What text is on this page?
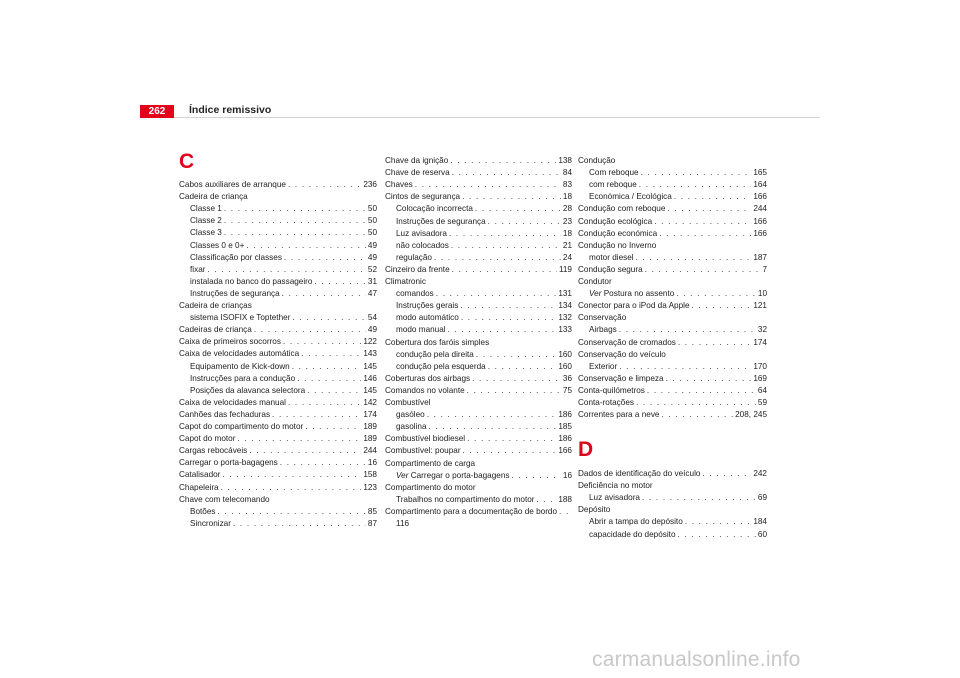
262	Índice remissivo
C
Cabos auxiliares de arranque . . .	236
Cadeira de criança
Classe 1 . . .	50
Classe 2 . . .	50
Classe 3 . . .	50
Classes 0 e 0+ . . .	49
Classificação por classes . . .	49
fixar . . .	52
instalada no banco do passageiro . . .	31
Instruções de segurança . . .	47
Cadeira de crianças
sistema ISOFIX e Toptether . . .	54
Cadeiras de criança . . .	49
Caixa de primeiros socorros . . .	122
Caixa de velocidades automática . . .	143
Equipamento de Kick-down . . .	145
Instrucções para a condução . . .	146
Posições da alavanca selectora . . .	145
Caixa de velocidades manual . . .	142
Canhões das fechaduras . . .	174
Capot do compartimento do motor . . .	189
Capot do motor . . .	189
Cargas rebocáveis . . .	244
Carregar o porta-bagagens . . .	16
Catalisador . . .	158
Chapeleira . . .	123
Chave com telecomando
Botões . . .	85
Sincronizar . . .	87
Chave da ignição . . .	138
Chave de reserva . . .	84
Chaves . . .	83
Cintos de segurança . . .	18
Colocação incorrecta . . .	28
Instruções de segurança . . .	23
Luz avisadora . . .	18
não colocados . . .	21
regulação . . .	24
Cinzeiro da frente . . .	119
Climatronic
comandos . . .	131
Instruções gerais . . .	134
modo automático . . .	132
modo manual . . .	133
Cobertura dos faróis simples
condução pela direita . . .	160
condução pela esquerda . . .	160
Coberturas dos airbags . . .	36
Comandos no volante . . .	75
Combustível
gasóleo . . .	186
gasolina . . .	185
Combustível biodiesel . . .	186
Combustível: poupar . . .	166
Compartimento de carga
Ver Carregar o porta-bagagens . . .	16
Compartimento do motor
Trabalhos no compartimento do motor . . .	188
Compartimento para a documentação de bordo
. . .
116
D
Condução
Com reboque . . .	165
com reboque . . .	164
Económica / Ecológica . . .	166
Condução com reboque . . .	244
Condução ecológica . . .	166
Condução económica . . .	166
Condução no Inverno
motor diesel . . .	187
Condução segura . . .	7
Condutor
Ver Postura no assento . . .	10
Conector para o iPod da Apple . . .	121
Conservação
Airbags . . .	32
Conservação de cromados . . .	174
Conservação do veículo
Exterior . . .	170
Conservação e limpeza . . .	169
Conta-quilómetros . . .	64
Conta-rotações . . .	59
Correntes para a neve . . .	208, 245
Dados de identificação do veículo . . .	242
Deficiência no motor
Luz avisadora . . .	69
Depósito
Abrir a tampa do depósito . . .	184
capacidade do depósito . . .	60
carmanualsonline.info
